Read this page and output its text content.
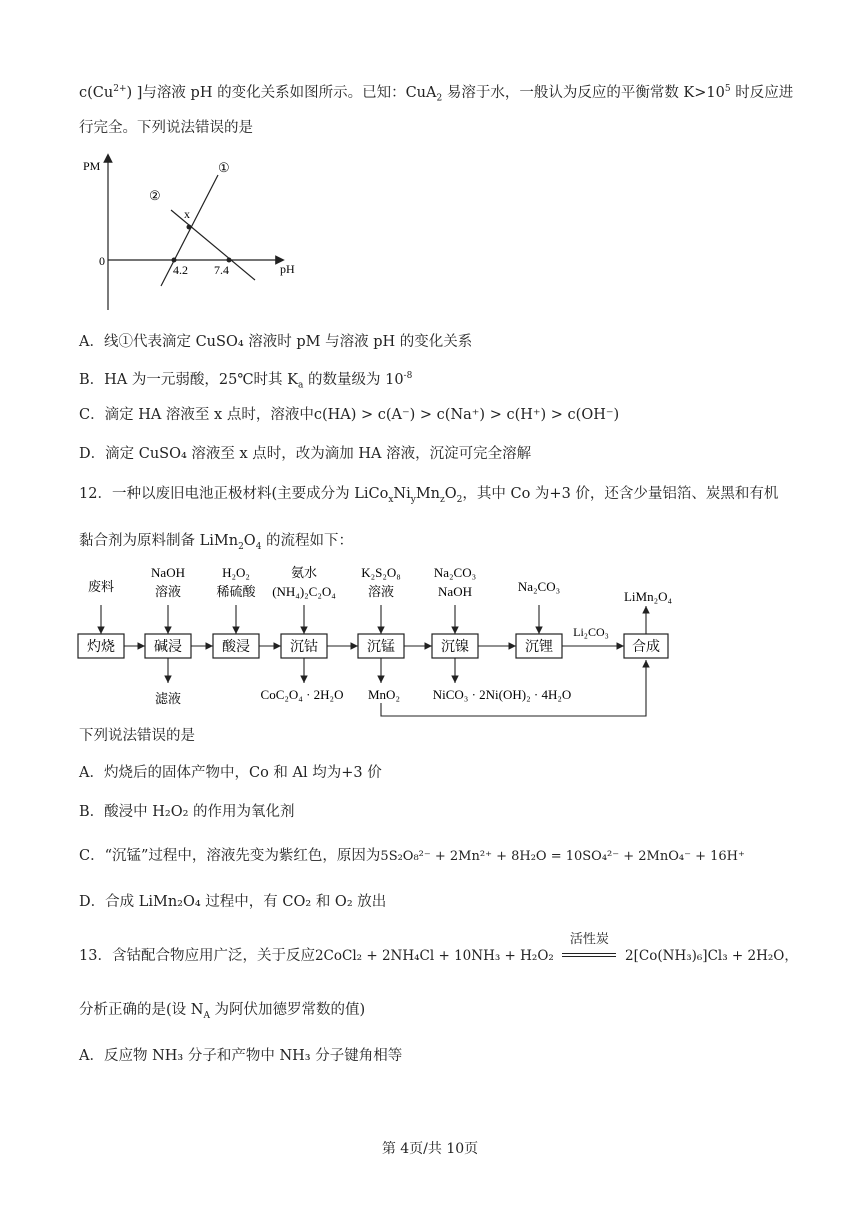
$c(Cu^{2+})$ ]与溶液 pH 的变化关系如图所示。已知：CuA$_2$ 易溶于水，一般认为反应的平衡常数 $K>10^5$ 时反应进
行完全。下列说法错误的是
PM
pH
0
①
②
x
4.2 7.4
A．线①代表滴定 CuSO₄ 溶液时 pM 与溶液 pH 的变化关系
B．HA 为一元弱酸，25℃时其 $K_a$ 的数量级为 $10^{-8}$
C．滴定 HA 溶液至 x 点时，溶液中c(HA) > c(A⁻) > c(Na⁺) > c(H⁺) > c(OH⁻)
D．滴定 CuSO₄ 溶液至 x 点时，改为滴加 HA 溶液，沉淀可完全溶解
12．一种以废旧电池正极材料(主要成分为 $LiCo_xNi_yMn_zO_2$，其中 Co 为+3 价，还含少量铝箔、炭黑和有机
黏合剂为原料制备 $LiMn_2O_4$ 的流程如下：
灼烧	碱浸	酸浸	沉钴	沉锰	沉镍	沉锂	合成
Li₂CO₃
废料
NaOH
溶液
H₂O₂
稀硫酸
氨水
(NH₄)₂C₂O₄
K₂S₂O₈
溶液
Na₂CO₃
NaOH	Na₂CO₃
LiMn₂O₄
滤液	CoC₂O₄ · 2H₂O MnO₂	NiCO₃ · 2Ni(OH)₂ · 4H₂O
下列说法错误的是
A．灼烧后的固体产物中，Co 和 Al 均为+3 价
B．酸浸中 H₂O₂ 的作用为氧化剂
C．“沉锰”过程中，溶液先变为紫红色，原因为5S₂O₈²⁻ + 2Mn²⁺ + 8H₂O = 10SO₄²⁻ + 2MnO₄⁻ + 16H⁺
D．合成 LiMn₂O₄ 过程中，有 CO₂ 和 O₂ 放出
13．含钴配合物应用广泛，关于反应2CoCl₂ + 2NH₄Cl + 10NH₃ + H₂O₂
活性炭
2[Co(NH₃)₆]Cl₃ + 2H₂O，
分析正确的是(设 $N_A$ 为阿伏加德罗常数的值)
A．反应物 NH₃ 分子和产物中 NH₃ 分子键角相等
第 4页/共 10页
